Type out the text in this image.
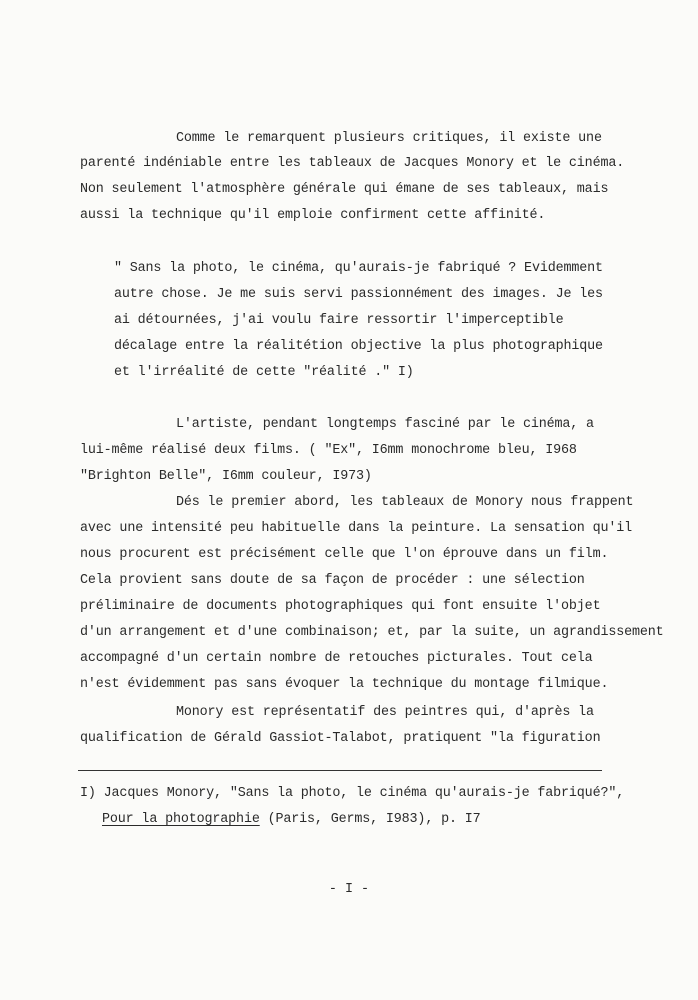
Comme le remarquent plusieurs critiques, il existe une
parenté indéniable entre les tableaux de Jacques Monory et le cinéma.
Non seulement l'atmosphère générale qui émane de ses tableaux, mais
aussi la technique qu'il emploie confirment cette affinité.
" Sans la photo, le cinéma, qu'aurais-je fabriqué ? Evidemment
autre chose. Je me suis servi passionnément des images. Je les
ai détournées, j'ai voulu faire ressortir l'imperceptible
décalage entre la réalitétion objective la plus photographique
et l'irréalité de cette "réalité ." I)
L'artiste, pendant longtemps fasciné par le cinéma, a
lui-même réalisé deux films. ( "Ex", I6mm monochrome bleu, I968
"Brighton Belle", I6mm couleur, I973)
Dés le premier abord, les tableaux de Monory nous frappent
avec une intensité peu habituelle dans la peinture. La sensation qu'il
nous procurent est précisément celle que l'on éprouve dans un film.
Cela provient sans doute de sa façon de procéder : une sélection
préliminaire de documents photographiques qui font ensuite l'objet
d'un arrangement et d'une combinaison; et, par la suite, un agrandissement
accompagné d'un certain nombre de retouches picturales. Tout cela
n'est évidemment pas sans évoquer la technique du montage filmique.
Monory est représentatif des peintres qui, d'après la
qualification de Gérald Gassiot-Talabot, pratiquent "la figuration
I) Jacques Monory, "Sans la photo, le cinéma qu'aurais-je fabriqué?",
Pour la photographie (Paris, Germs, I983), p. I7
- I -
